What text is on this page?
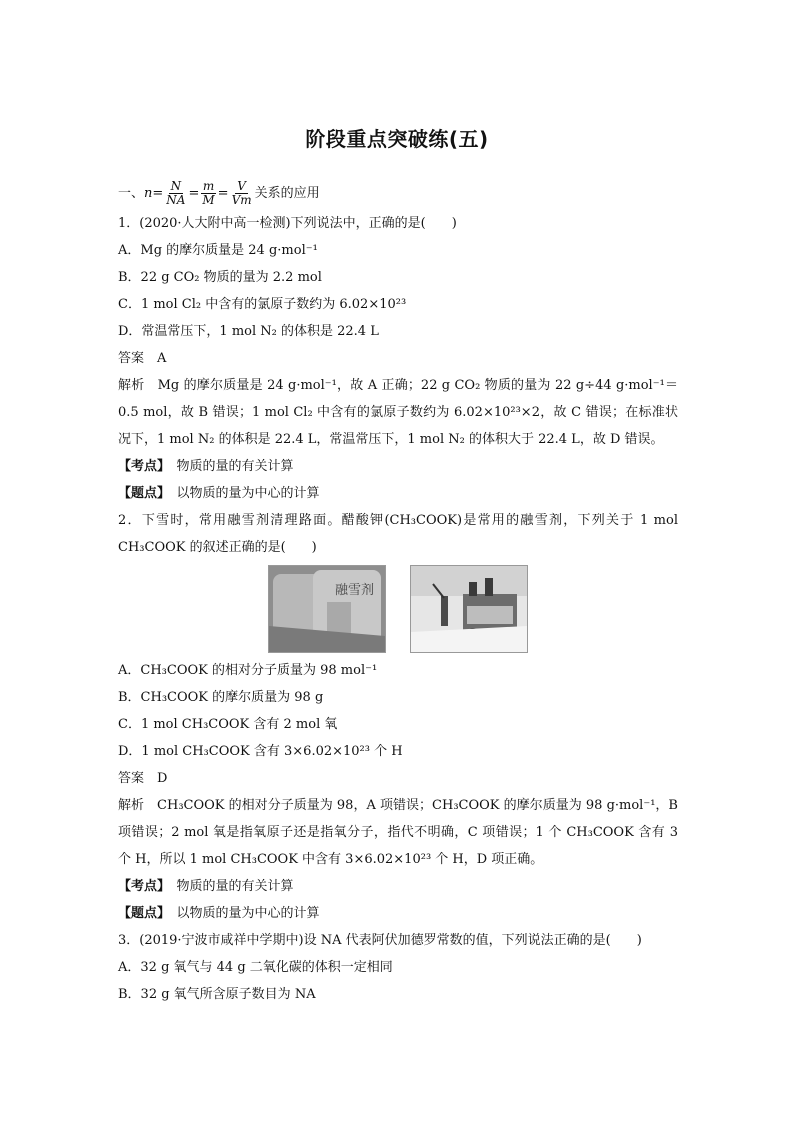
阶段重点突破练(五)
一、 $n = \frac{N}{NA} = \frac{m}{M} = \frac{V}{Vm}$ 关系的应用
1．(2020·人大附中高一检测)下列说法中，正确的是(　　)
A．Mg 的摩尔质量是 24 g·mol⁻¹
B．22 g CO₂ 物质的量为 2.2 mol
C．1 mol Cl₂ 中含有的氯原子数约为 6.02×10²³
D．常温常压下，1 mol N₂ 的体积是 22.4 L
答案　A
解析　Mg 的摩尔质量是 24 g·mol⁻¹，故 A 正确；22 g CO₂ 物质的量为 22 g÷44 g·mol⁻¹＝0.5 mol，故 B 错误；1 mol Cl₂ 中含有的氯原子数约为 6.02×10²³×2，故 C 错误；在标准状况下，1 mol N₂ 的体积是 22.4 L，常温常压下，1 mol N₂ 的体积大于 22.4 L，故 D 错误。
【考点】　 物质的量的有关计算
【题点】　 以物质的量为中心的计算
2．下雪时，常用融雪剂清理路面。醋酸钾(CH₃COOK)是常用的融雪剂，下列关于 1 mol CH₃COOK 的叙述正确的是(　　)
融雪剂
A．CH₃COOK 的相对分子质量为 98 mol⁻¹
B．CH₃COOK 的摩尔质量为 98 g
C．1 mol CH₃COOK 含有 2 mol 氧
D．1 mol CH₃COOK 含有 3×6.02×10²³ 个 H
答案　D
解析　CH₃COOK 的相对分子质量为 98，A 项错误；CH₃COOK 的摩尔质量为 98 g·mol⁻¹，B 项错误；2 mol 氧是指氧原子还是指氧分子，指代不明确，C 项错误；1 个 CH₃COOK 含有 3 个 H，所以 1 mol CH₃COOK 中含有 3×6.02×10²³ 个 H，D 项正确。
【考点】　 物质的量的有关计算
【题点】　 以物质的量为中心的计算
3．(2019·宁波市咸祥中学期中)设 NA 代表阿伏加德罗常数的值，下列说法正确的是(　　)
A．32 g 氧气与 44 g 二氧化碳的体积一定相同
B．32 g 氧气所含原子数目为 NA
